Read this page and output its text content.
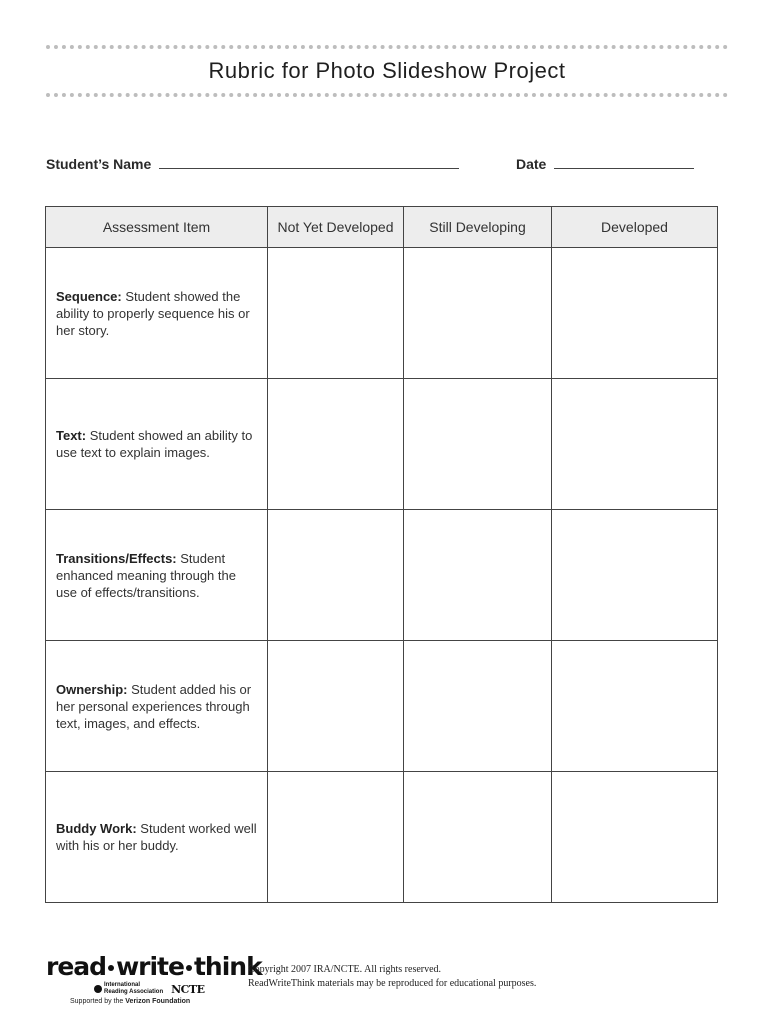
Rubric for Photo Slideshow Project
Student’s Name	Date
Assessment Item	Not Yet Developed	Still Developing	Developed
Sequence: Student showed the ability to properly sequence his or her story.			
Text: Student showed an ability to use text to explain images.			
Transitions/Effects: Student enhanced meaning through the use of effects/transitions.			
Ownership: Student added his or her personal experiences through text, images, and effects.			
Buddy Work: Student worked well with his or her buddy.			
read write think
International
Reading Association NCTE
Supported by the Verizon Foundation
Copyright 2007 IRA/NCTE. All rights reserved.
ReadWriteThink materials may be reproduced for educational purposes.
